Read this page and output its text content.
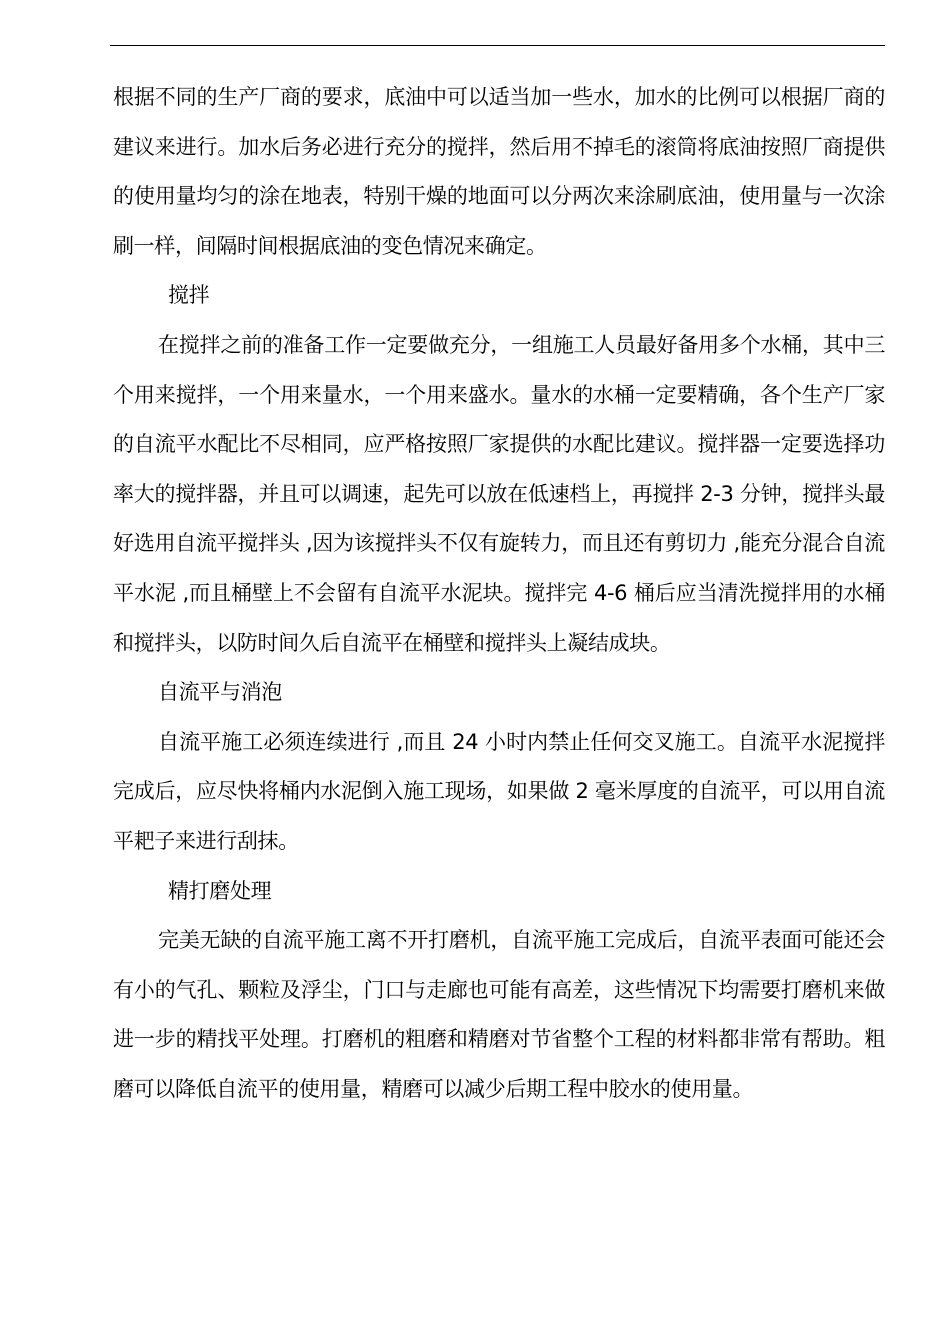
根据不同的生产厂商的要求，底油中可以适当加一些水，加水的比例可以根据厂商的建议来进行。加水后务必进行充分的搅拌，然后用不掉毛的滚筒将底油按照厂商提供的使用量均匀的涂在地表，特别干燥的地面可以分两次来涂刷底油，使用量与一次涂刷一样，间隔时间根据底油的变色情况来确定。

搅拌

在搅拌之前的准备工作一定要做充分，一组施工人员最好备用多个水桶，其中三个用来搅拌，一个用来量水，一个用来盛水。量水的水桶一定要精确，各个生产厂家的自流平水配比不尽相同，应严格按照厂家提供的水配比建议。搅拌器一定要选择功率大的搅拌器，并且可以调速，起先可以放在低速档上，再搅拌 2-3 分钟，搅拌头最好选用自流平搅拌头 ,因为该搅拌头不仅有旋转力，而且还有剪切力 ,能充分混合自流平水泥 ,而且桶壁上不会留有自流平水泥块。搅拌完 4-6 桶后应当清洗搅拌用的水桶和搅拌头，以防时间久后自流平在桶壁和搅拌头上凝结成块。

自流平与消泡

自流平施工必须连续进行 ,而且 24 小时内禁止任何交叉施工。自流平水泥搅拌完成后，应尽快将桶内水泥倒入施工现场，如果做 2 毫米厚度的自流平，可以用自流平耙子来进行刮抹。

精打磨处理

完美无缺的自流平施工离不开打磨机，自流平施工完成后，自流平表面可能还会有小的气孔、颗粒及浮尘，门口与走廊也可能有高差，这些情况下均需要打磨机来做进一步的精找平处理。打磨机的粗磨和精磨对节省整个工程的材料都非常有帮助。粗磨可以降低自流平的使用量，精磨可以减少后期工程中胶水的使用量。
